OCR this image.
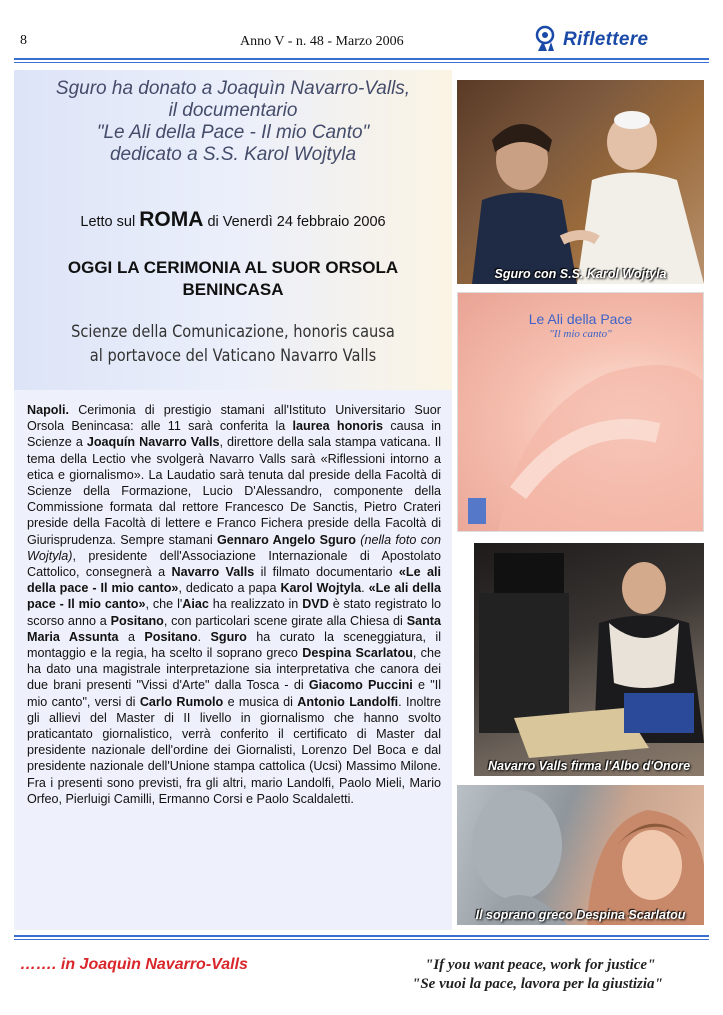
8	Anno V - n. 48 - Marzo 2006	Riflettere
Sguro ha donato a Joaquìn Navarro-Valls,
il documentario
"Le Ali della Pace - Il mio Canto"
dedicato a S.S. Karol Wojtyla
Letto sul ROMA di Venerdì 24 febbraio 2006
OGGI LA CERIMONIA AL SUOR ORSOLA BENINCASA
Scienze della Comunicazione, honoris causa
al portavoce del Vaticano Navarro Valls
Napoli. Cerimonia di prestigio stamani all'Istituto Universitario Suor Orsola Benincasa: alle 11 sarà conferita la laurea honoris causa in Scienze a Joaquín Navarro Valls, direttore della sala stampa vaticana. Il tema della Lectio vhe svolgerà Navarro Valls sarà «Riflessioni intorno a etica e giornalismo». La Laudatio sarà tenuta dal preside della Facoltà di Scienze della Formazione, Lucio D'Alessandro, componente della Commissione formata dal rettore Francesco De Sanctis, Pietro Crateri preside della Facoltà di lettere e Franco Fichera preside della Facoltà di Giurisprudenza. Sempre stamani Gennaro Angelo Sguro (nella foto con Wojtyla), presidente dell'Associazione Internazionale di Apostolato Cattolico, consegnerà a Navarro Valls il filmato documentario «Le ali della pace - Il mio canto», dedicato a papa Karol Wojtyla. «Le ali della pace - Il mio canto», che l'Aiac ha realizzato in DVD è stato registrato lo scorso anno a Positano, con particolari scene girate alla Chiesa di Santa Maria Assunta a Positano. Sguro ha curato la sceneggiatura, il montaggio e la regia, ha scelto il soprano greco Despina Scarlatou, che ha dato una magistrale interpretazione sia interpretativa che canora dei due brani presenti "Vissi d'Arte" dalla Tosca - di Giacomo Puccini e "Il mio canto", versi di Carlo Rumolo e musica di Antonio Landolfi. Inoltre gli allievi del Master di II livello in giornalismo che hanno svolto praticantato giornalistico, verrà conferito il certificato di Master dal presidente nazionale dell'ordine dei Giornalisti, Lorenzo Del Boca e dal presidente nazionale dell'Unione stampa cattolica (Ucsi) Massimo Milone. Fra i presenti sono previsti, fra gli altri, mario Landolfi, Paolo Mieli, Mario Orfeo, Pierluigi Camilli, Ermanno Corsi e Paolo Scaldaletti.
Sguro con S.S. Karol Wojtyla
Le Ali della Pace
"Il mio canto"
Navarro Valls firma l'Albo d'Onore
Il soprano greco Despina Scarlatou
……. in Joaquìn Navarro-Valls	"If you want peace, work for justice"
"Se vuoi la pace, lavora per la giustizia"
